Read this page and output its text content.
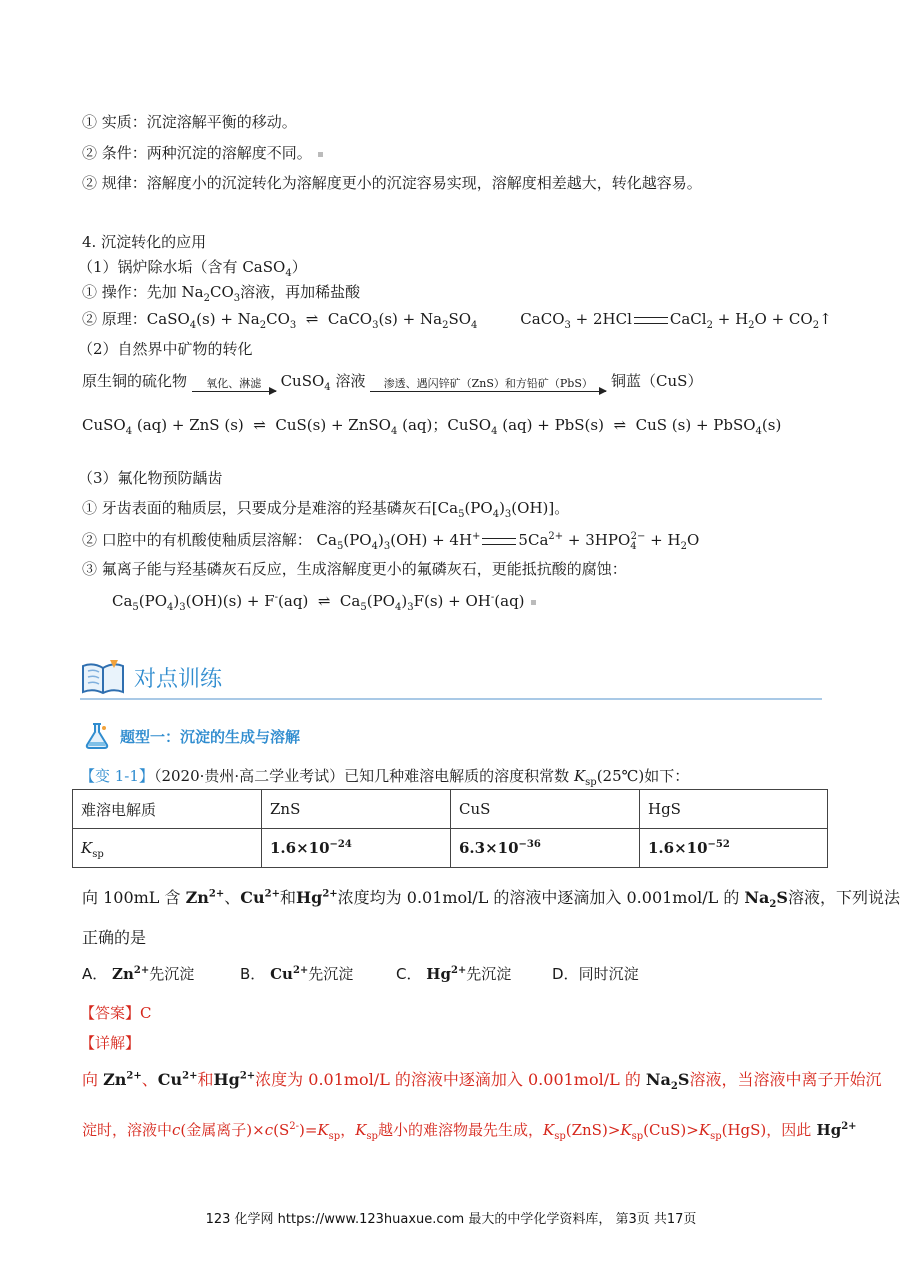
① 实质：沉淀溶解平衡的移动。
② 条件：两种沉淀的溶解度不同。
② 规律：溶解度小的沉淀转化为溶解度更小的沉淀容易实现，溶解度相差越大，转化越容易。
4. 沉淀转化的应用
（1）锅炉除水垢（含有 CaSO$_4$）
① 操作：先加 $Na_2CO_3$溶液，再加稀盐酸
② 原理：CaSO$_4$(s) + $Na_2CO_3$  ⇌  CaCO$_3$(s) + $Na_2SO_4$         CaCO$_3$ + 2HCl	CaCl$_2$ + $H_2O$ + $CO_2↑$
（2）自然界中矿物的转化
原生铜的硫化物	氧化、淋滤	CuSO$_4$ 溶液	渗透、遇闪锌矿（ZnS）和方铅矿（PbS）	铜蓝（CuS）
CuSO$_4$ (aq) + ZnS (s)  ⇌  CuS(s) + ZnSO$_4$ (aq)；CuSO$_4$ (aq) + PbS(s)  ⇌  CuS (s) + PbSO$_4$(s)
（3）氟化物预防龋齿
① 牙齿表面的釉质层，只要成分是难溶的羟基磷灰石$[Ca_5(PO_4)_3(OH)]$。
② 口腔中的有机酸使釉质层溶解： $Ca_5(PO_4)_3(OH) + 4H^+$	$5Ca^{2+} + 3HPO_4^{2-} + H_2O$
③ 氟离子能与羟基磷灰石反应，生成溶解度更小的氟磷灰石，更能抵抗酸的腐蚀：
$Ca_5(PO_4)_3(OH)(s) + F^-(aq)$  ⇌  $Ca_5(PO_4)_3F(s) + OH^-(aq)$
对点训练
题型一：沉淀的生成与溶解
【变 1-1】（2020·贵州·高二学业考试）已知几种难溶电解质的溶度积常数 $K_{sp}(25℃)$如下：
难溶电解质	ZnS	CuS	HgS
$K_{sp}$	$1.6\times 10^{-24}$	$6.3\times 10^{-36}$	$1.6\times 10^{-52}$
向 100mL 含 $Zn^{2+}$、$Cu^{2+}$和$Hg^{2+}$浓度均为 0.01mol/L 的溶液中逐滴加入 0.001mol/L 的 $Na_2S$溶液，下列说法
正确的是
A． $Zn^{2+}$先沉淀	B． $Cu^{2+}$先沉淀	C． $Hg^{2+}$先沉淀	D．同时沉淀
【答案】C
【详解】
向 $Zn^{2+}$、$Cu^{2+}$和$Hg^{2+}$浓度为 0.01mol/L 的溶液中逐滴加入 0.001mol/L 的 $Na_2S$溶液，当溶液中离子开始沉
淀时，溶液中c(金属离子)$\times c(S^{2-})=K_{sp}$，$K_{sp}$越小的难溶物最先生成，$K_{sp}(ZnS)>K_{sp}(CuS)>K_{sp}(HgS)$，因此 $Hg^{2+}$
123 化学网 https://www.123huaxue.com 最大的中学化学资料库， 第3页 共17页
